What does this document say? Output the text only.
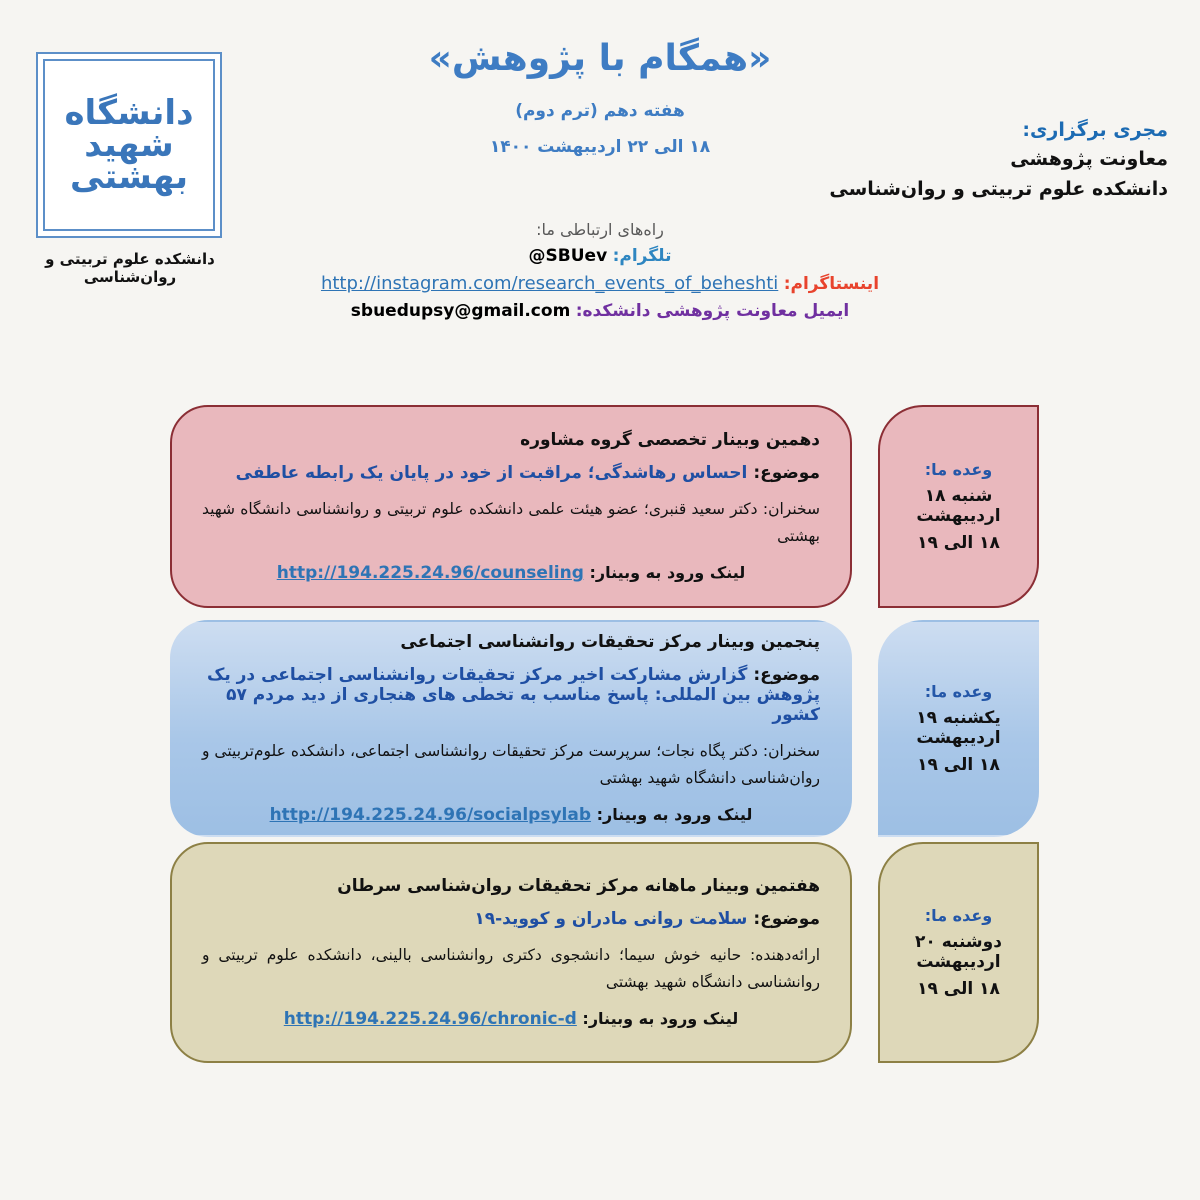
دانشگاه شهید بهشتی
دانشکده علوم تربیتی و روان‌شناسی

«همگام با پژوهش»

هفته دهم (ترم دوم)
۱۸ الی ۲۲ اردیبهشت ۱۴۰۰
مجری برگزاری:
معاونت پژوهشی
دانشکده علوم تربیتی و روان‌شناسی
راه‌های ارتباطی ما:
تلگرام: @SBUev
اینستاگرام: http://instagram.com/research_events_of_beheshti
ایمیل معاونت پژوهشی دانشکده: sbuedupsy@gmail.com

دهمین وبینار تخصصی گروه مشاوره

موضوع: احساس رهاشدگی؛ مراقبت از خود در پایان یک رابطه عاطفی

سخنران: دکتر سعید قنبری؛ عضو هیئت علمی دانشکده علوم تربیتی و روانشناسی دانشگاه شهید بهشتی

لینک ورود به وبینار: http://194.225.24.96/counseling

وعده ما:
شنبه ۱۸ اردیبهشت
۱۸ الی ۱۹

پنجمین وبینار مرکز تحقیقات روانشناسی اجتماعی

موضوع: گزارش مشارکت اخیر مرکز تحقیقات روانشناسی اجتماعی در یک پژوهش بین المللی: پاسخ مناسب به تخطی های هنجاری از دید مردم ۵۷ کشور

سخنران: دکتر پگاه نجات؛ سرپرست مرکز تحقیقات روانشناسی اجتماعی، دانشکده علوم‌تربیتی و روان‌شناسی دانشگاه شهید بهشتی

لینک ورود به وبینار: http://194.225.24.96/socialpsylab

وعده ما:
یکشنبه ۱۹ اردیبهشت
۱۸ الی ۱۹

هفتمین وبینار ماهانه مرکز تحقیقات روان‌شناسی سرطان

موضوع: سلامت روانی مادران و کووید-۱۹

ارائه‌دهنده: حانیه خوش سیما؛ دانشجوی دکتری روانشناسی بالینی، دانشکده علوم تربیتی و روانشناسی دانشگاه شهید بهشتی

لینک ورود به وبینار: http://194.225.24.96/chronic-d

وعده ما:
دوشنبه ۲۰ اردیبهشت
۱۸ الی ۱۹
